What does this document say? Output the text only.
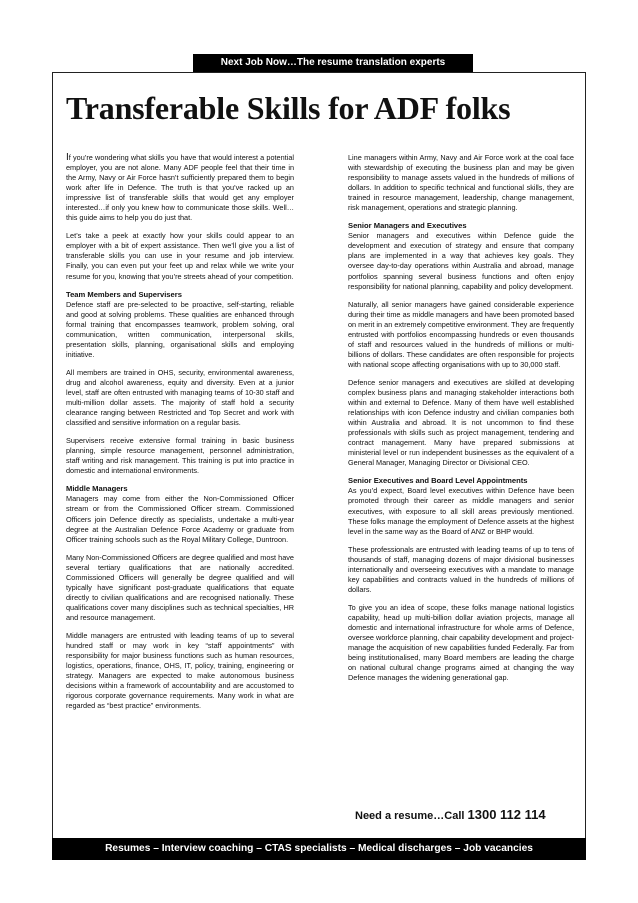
Next Job Now…The resume translation experts
Transferable Skills for ADF folks

If you’re wondering what skills you have that would interest a potential employer, you are not alone. Many ADF people feel that their time in the Army, Navy or Air Force hasn’t sufficiently prepared them to begin work after life in Defence. The truth is that you’ve racked up an impressive list of transferable skills that would get any employer interested…if only you knew how to communicate those skills. Well…this guide aims to help you do just that.

Let’s take a peek at exactly how your skills could appear to an employer with a bit of expert assistance. Then we’ll give you a list of transferable skills you can use in your resume and job interview. Finally, you can even put your feet up and relax while we write your resume for you, knowing that you’re streets ahead of your competition.

Team Members and Supervisers

Defence staff are pre-selected to be proactive, self-starting, reliable and good at solving problems. These qualities are enhanced through formal training that encompasses teamwork, problem solving, oral communication, written communication, interpersonal skills, presentation skills, planning, organisational skills and employing initiative.

All members are trained in OHS, security, environmental awareness, drug and alcohol awareness, equity and diversity. Even at a junior level, staff are often entrusted with managing teams of 10-30 staff and multi-million dollar assets. The majority of staff hold a security clearance ranging between Restricted and Top Secret and work with classified and sensitive information on a regular basis.

Supervisers receive extensive formal training in basic business planning, simple resource management, personnel administration, staff writing and risk management. This training is put into practice in domestic and international environments.

Middle Managers

Managers may come from either the Non-Commissioned Officer stream or from the Commissioned Officer stream. Commissioned Officers join Defence directly as specialists, undertake a multi-year degree at the Australian Defence Force Academy or graduate from Officer training schools such as the Royal Military College, Duntroon.

Many Non-Commissioned Officers are degree qualified and most have several tertiary qualifications that are nationally accredited. Commissioned Officers will generally be degree qualified and will typically have significant post-graduate qualifications that equate directly to civilian qualifications and are recognised nationally. These qualifications cover many disciplines such as technical specialties, HR and resource management.

Middle managers are entrusted with leading teams of up to several hundred staff or may work in key “staff appointments” with responsibility for major business functions such as human resources, logistics, operations, finance, OHS, IT, policy, training, engineering or strategy. Managers are expected to make autonomous business decisions within a framework of accountability and are accustomed to rigorous corporate governance requirements. Many work in what are regarded as “best practice” environments.

Line managers within Army, Navy and Air Force work at the coal face with stewardship of executing the business plan and may be given responsibility to manage assets valued in the hundreds of millions of dollars. In addition to specific technical and functional skills, they are trained in resource management, leadership, change management, risk management, operations and strategic planning.

Senior Managers and Executives

Senior managers and executives within Defence guide the development and execution of strategy and ensure that company plans are implemented in a way that achieves key goals. They oversee day-to-day operations within Australia and abroad, manage portfolios spanning several business functions and often enjoy responsibility for national planning, capability and policy development.

Naturally, all senior managers have gained considerable experience during their time as middle managers and have been promoted based on merit in an extremely competitive environment. They are frequently entrusted with portfolios encompassing hundreds or even thousands of staff and resources valued in the hundreds of millions or multi-billions of dollars. These candidates are often responsible for projects with national scope affecting organisations with up to 30,000 staff.

Defence senior managers and executives are skilled at developing complex business plans and managing stakeholder interactions both within and external to Defence. Many of them have well established relationships with icon Defence industry and civilian companies both within Australia and abroad. It is not uncommon to find these professionals with skills such as project management, tendering and contract management. Many have prepared submissions at ministerial level or run independent businesses as the equivalent of a General Manager, Managing Director or Divisional CEO.

Senior Executives and Board Level Appointments

As you’d expect, Board level executives within Defence have been promoted through their career as middle managers and senior executives, with exposure to all skill areas previously mentioned. These folks manage the employment of Defence assets at the highest level in the same way as the Board of ANZ or BHP would.

These professionals are entrusted with leading teams of up to tens of thousands of staff, managing dozens of major divisional businesses internationally and overseeing executives with a mandate to manage key capabilities and contracts valued in the hundreds of millions of dollars.

To give you an idea of scope, these folks manage national logistics capability, head up multi-billion dollar aviation projects, manage all domestic and international infrastructure for whole arms of Defence, oversee workforce planning, chair capability development and project-manage the acquisition of new capabilities funded Federally. Far from being institutionalised, many Board members are leading the charge on national cultural change programs aimed at changing the way Defence manages the widening generational gap.

Need a resume…Call 1300 112 114
Resumes – Interview coaching – CTAS specialists – Medical discharges – Job vacancies
